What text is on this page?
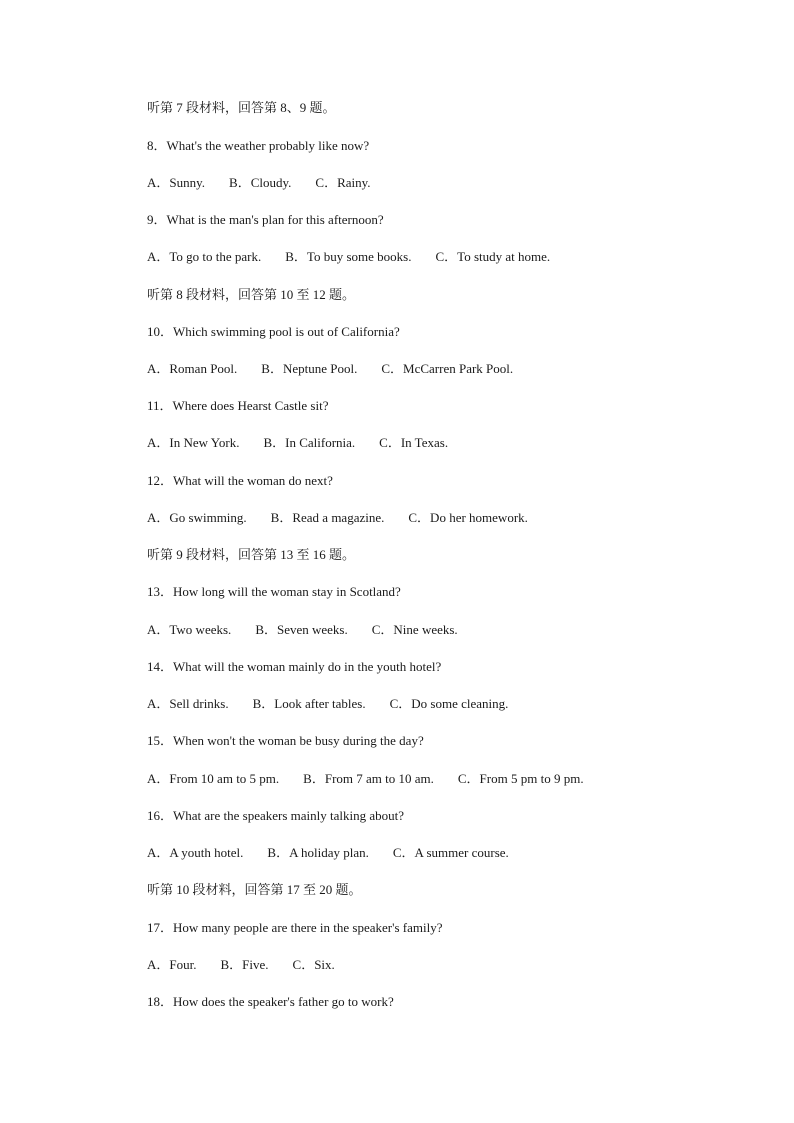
听第 7 段材料，回答第 8、9 题。
8．What's the weather probably like now?
A．Sunny. B．Cloudy. C．Rainy.
9．What is the man's plan for this afternoon?
A．To go to the park. B．To buy some books. C．To study at home.
听第 8 段材料，回答第 10 至 12 题。
10．Which swimming pool is out of California?
A．Roman Pool. B．Neptune Pool. C．McCarren Park Pool.
11．Where does Hearst Castle sit?
A．In New York. B．In California. C．In Texas.
12．What will the woman do next?
A．Go swimming. B．Read a magazine. C．Do her homework.
听第 9 段材料，回答第 13 至 16 题。
13．How long will the woman stay in Scotland?
A．Two weeks. B．Seven weeks. C．Nine weeks.
14．What will the woman mainly do in the youth hotel?
A．Sell drinks. B．Look after tables. C．Do some cleaning.
15．When won't the woman be busy during the day?
A．From 10 am to 5 pm. B．From 7 am to 10 am. C．From 5 pm to 9 pm.
16．What are the speakers mainly talking about?
A．A youth hotel. B．A holiday plan. C．A summer course.
听第 10 段材料，回答第 17 至 20 题。
17．How many people are there in the speaker's family?
A．Four. B．Five. C．Six.
18．How does the speaker's father go to work?
